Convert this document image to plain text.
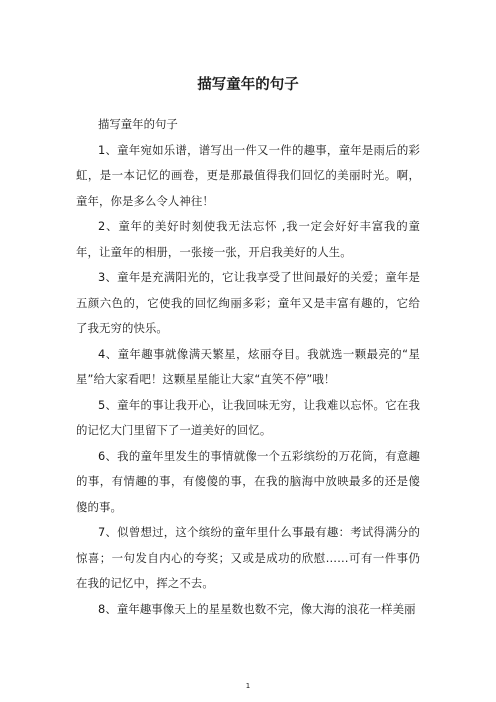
描写童年的句子

描写童年的句子

1、童年宛如乐谱，谱写出一件又一件的趣事，童年是雨后的彩虹，是一本记忆的画卷，更是那最值得我们回忆的美丽时光。啊，童年，你是多么令人神往！

2、童年的美好时刻使我无法忘怀 ,我一定会好好丰富我的童年，让童年的相册，一张接一张，开启我美好的人生。

3、童年是充满阳光的，它让我享受了世间最好的关爱；童年是五颜六色的，它使我的回忆绚丽多彩；童年又是丰富有趣的，它给了我无穷的快乐。

4、童年趣事就像满天繁星，炫丽夺目。我就选一颗最亮的“星星”给大家看吧！这颗星星能让大家“直笑不停”哦！

5、童年的事让我开心，让我回味无穷，让我难以忘怀。它在我的记忆大门里留下了一道美好的回忆。

6、我的童年里发生的事情就像一个五彩缤纷的万花筒，有意趣的事，有情趣的事，有傻傻的事，在我的脑海中放映最多的还是傻傻的事。

7、似曾想过，这个缤纷的童年里什么事最有趣：考试得满分的惊喜；一句发自内心的夸奖；又或是成功的欣慰……可有一件事仍在我的记忆中，挥之不去。

8、童年趣事像天上的星星数也数不完，像大海的浪花一样美丽

1
